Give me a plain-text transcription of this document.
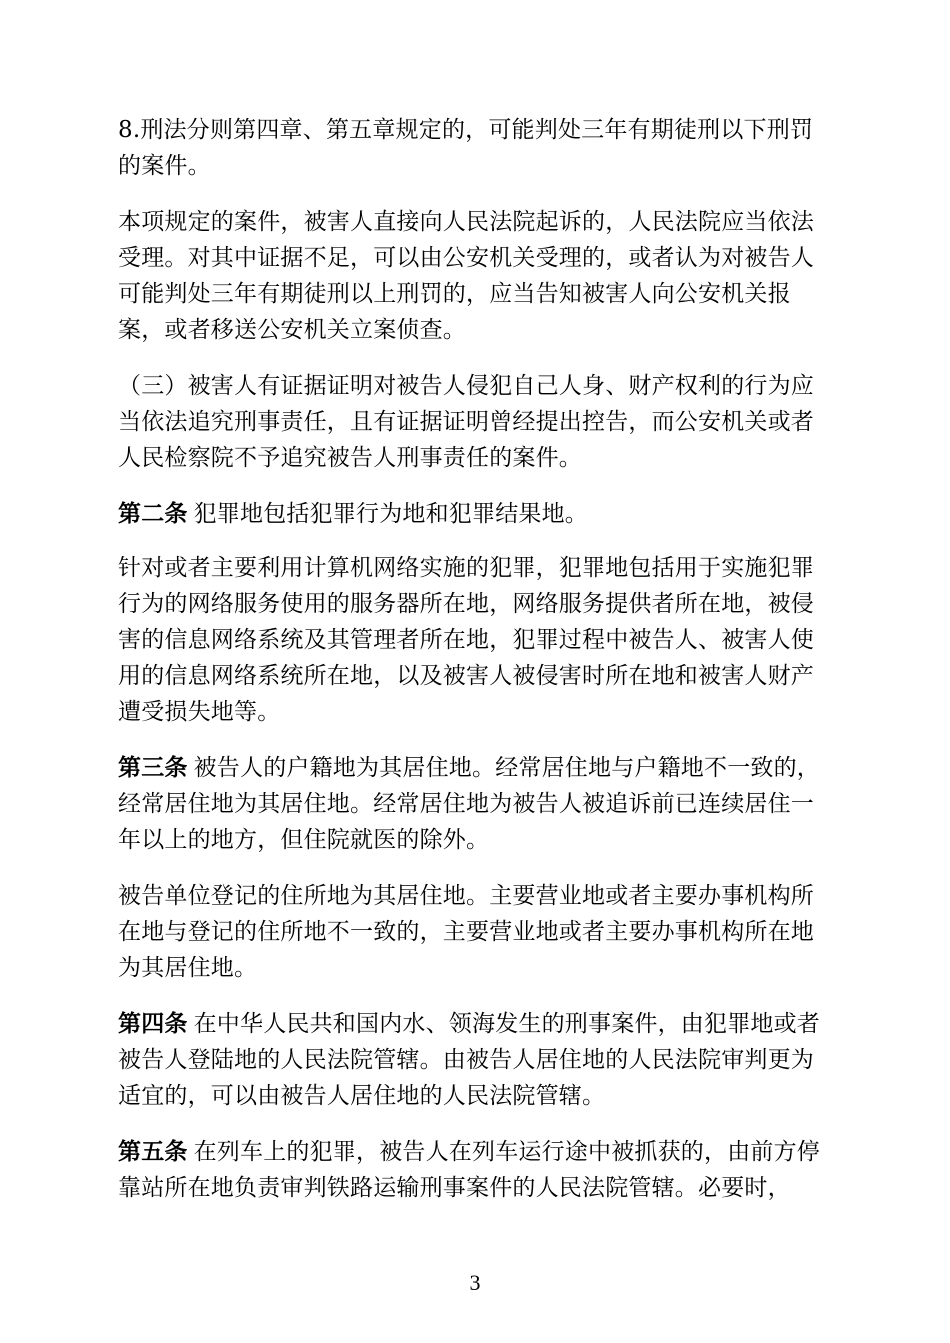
8.刑法分则第四章、第五章规定的，可能判处三年有期徒刑以下刑罚的案件。

本项规定的案件，被害人直接向人民法院起诉的，人民法院应当依法受理。对其中证据不足，可以由公安机关受理的，或者认为对被告人可能判处三年有期徒刑以上刑罚的，应当告知被害人向公安机关报案，或者移送公安机关立案侦查。

（三）被害人有证据证明对被告人侵犯自己人身、财产权利的行为应当依法追究刑事责任，且有证据证明曾经提出控告，而公安机关或者人民检察院不予追究被告人刑事责任的案件。

第二条 犯罪地包括犯罪行为地和犯罪结果地。

针对或者主要利用计算机网络实施的犯罪，犯罪地包括用于实施犯罪行为的网络服务使用的服务器所在地，网络服务提供者所在地，被侵害的信息网络系统及其管理者所在地，犯罪过程中被告人、被害人使用的信息网络系统所在地，以及被害人被侵害时所在地和被害人财产遭受损失地等。

第三条 被告人的户籍地为其居住地。经常居住地与户籍地不一致的，经常居住地为其居住地。经常居住地为被告人被追诉前已连续居住一年以上的地方，但住院就医的除外。

被告单位登记的住所地为其居住地。主要营业地或者主要办事机构所在地与登记的住所地不一致的，主要营业地或者主要办事机构所在地为其居住地。

第四条 在中华人民共和国内水、领海发生的刑事案件，由犯罪地或者被告人登陆地的人民法院管辖。由被告人居住地的人民法院审判更为适宜的，可以由被告人居住地的人民法院管辖。

第五条 在列车上的犯罪，被告人在列车运行途中被抓获的，由前方停靠站所在地负责审判铁路运输刑事案件的人民法院管辖。必要时，

3
